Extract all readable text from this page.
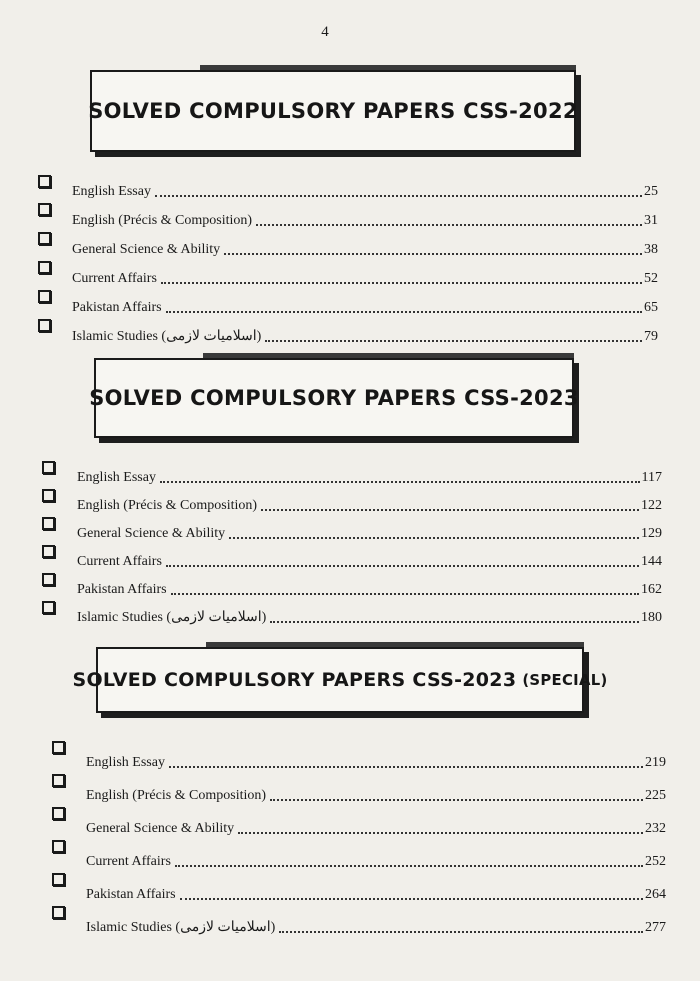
4
SOLVED COMPULSORY PAPERS CSS-2022
English Essay	25
English (Précis & Composition)	31
General Science & Ability	38
Current Affairs	52
Pakistan Affairs	65
Islamic Studies (اسلامیات لازمی)	79
SOLVED COMPULSORY PAPERS CSS-2023
English Essay	117
English (Précis & Composition)	122
General Science & Ability	129
Current Affairs	144
Pakistan Affairs	162
Islamic Studies (اسلامیات لازمی)	180
SOLVED COMPULSORY PAPERS CSS-2023 (SPECIAL)
English Essay	219
English (Précis & Composition)	225
General Science & Ability	232
Current Affairs	252
Pakistan Affairs	264
Islamic Studies (اسلامیات لازمی)	277
